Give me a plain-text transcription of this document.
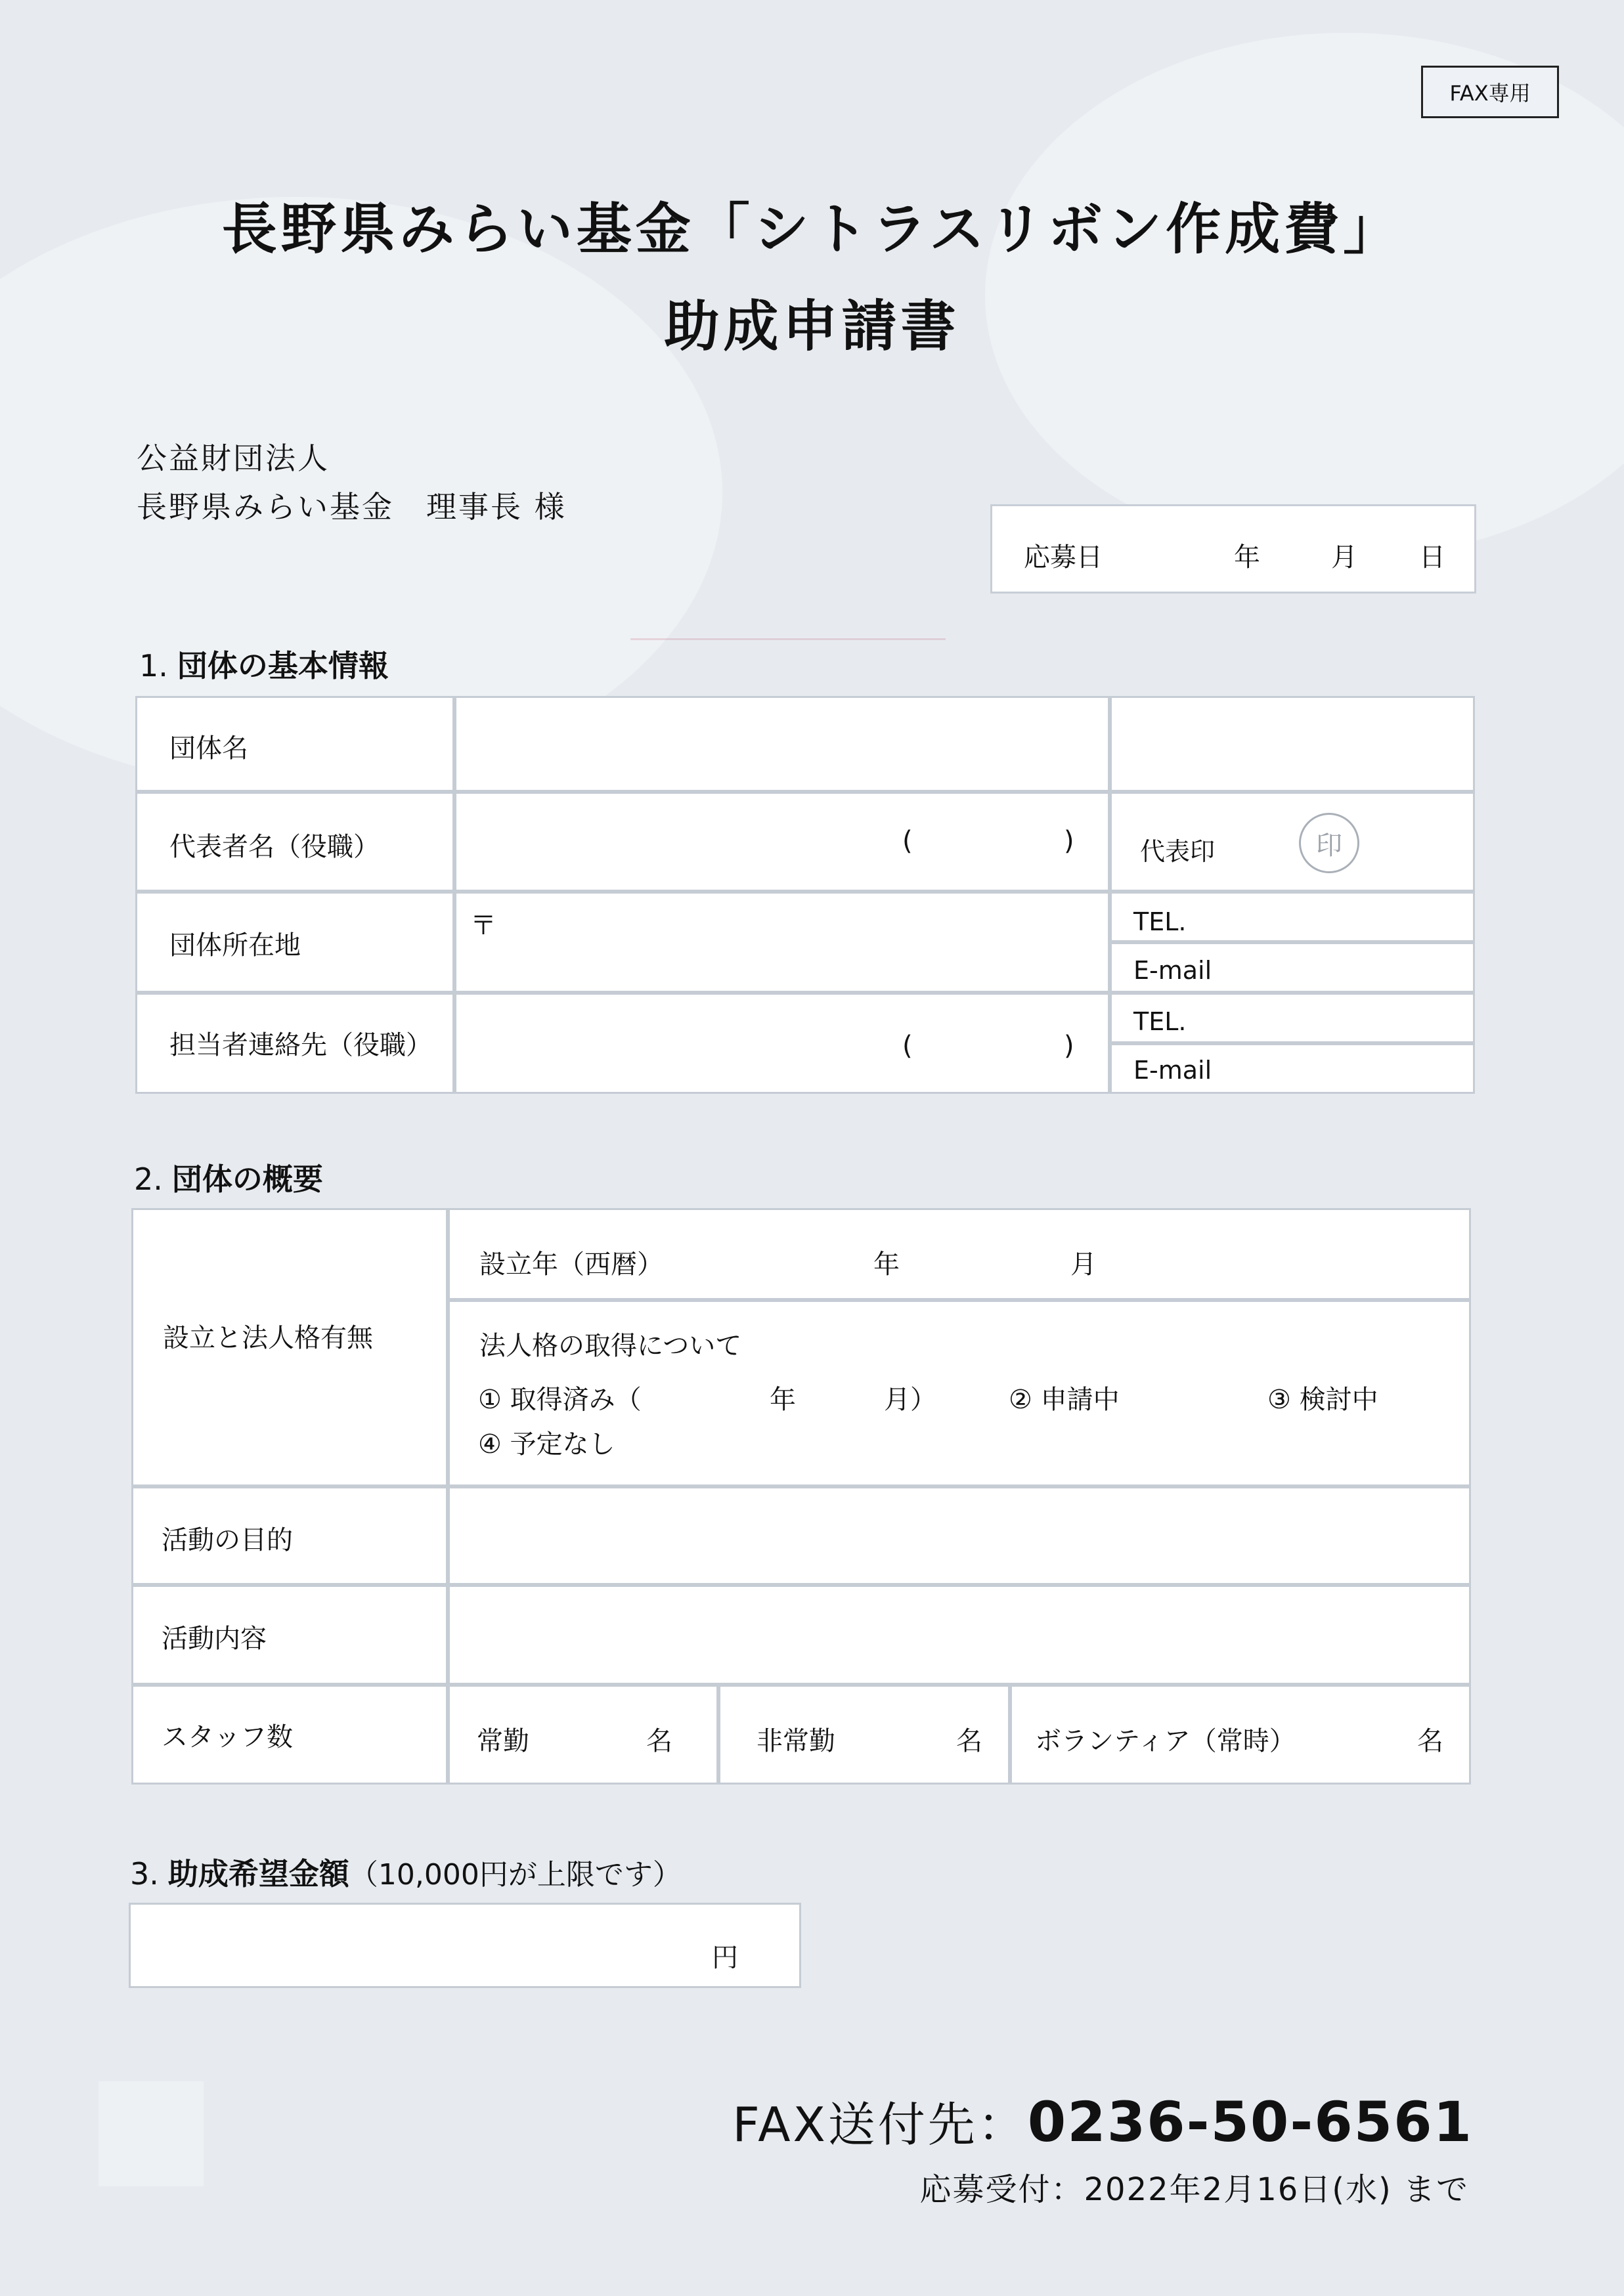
FAX専用
長野県みらい基金「シトラスリボン作成費」
助成申請書
公益財団法人
長野県みらい基金　理事長 様
応募日	年	月 日
1. 団体の基本情報
団体名
代表者名（役職）	(	)	代表印	印
団体所在地
〒	TEL.
E-mail
担当者連絡先（役職）	(	)
TEL.
E-mail
2. 団体の概要
設立と法人格有無
設立年（西暦）	年	月
法人格の取得について
① 取得済み（	年	月）	② 申請中	③ 検討中
④ 予定なし
活動の目的
活動内容
スタッフ数	常勤	名	非常勤	名 ボランティア（常時）	名
3. 助成希望金額（10,000円が上限です）
円
FAX送付先：0236-50-6561
応募受付：2022年2月16日(水) まで
